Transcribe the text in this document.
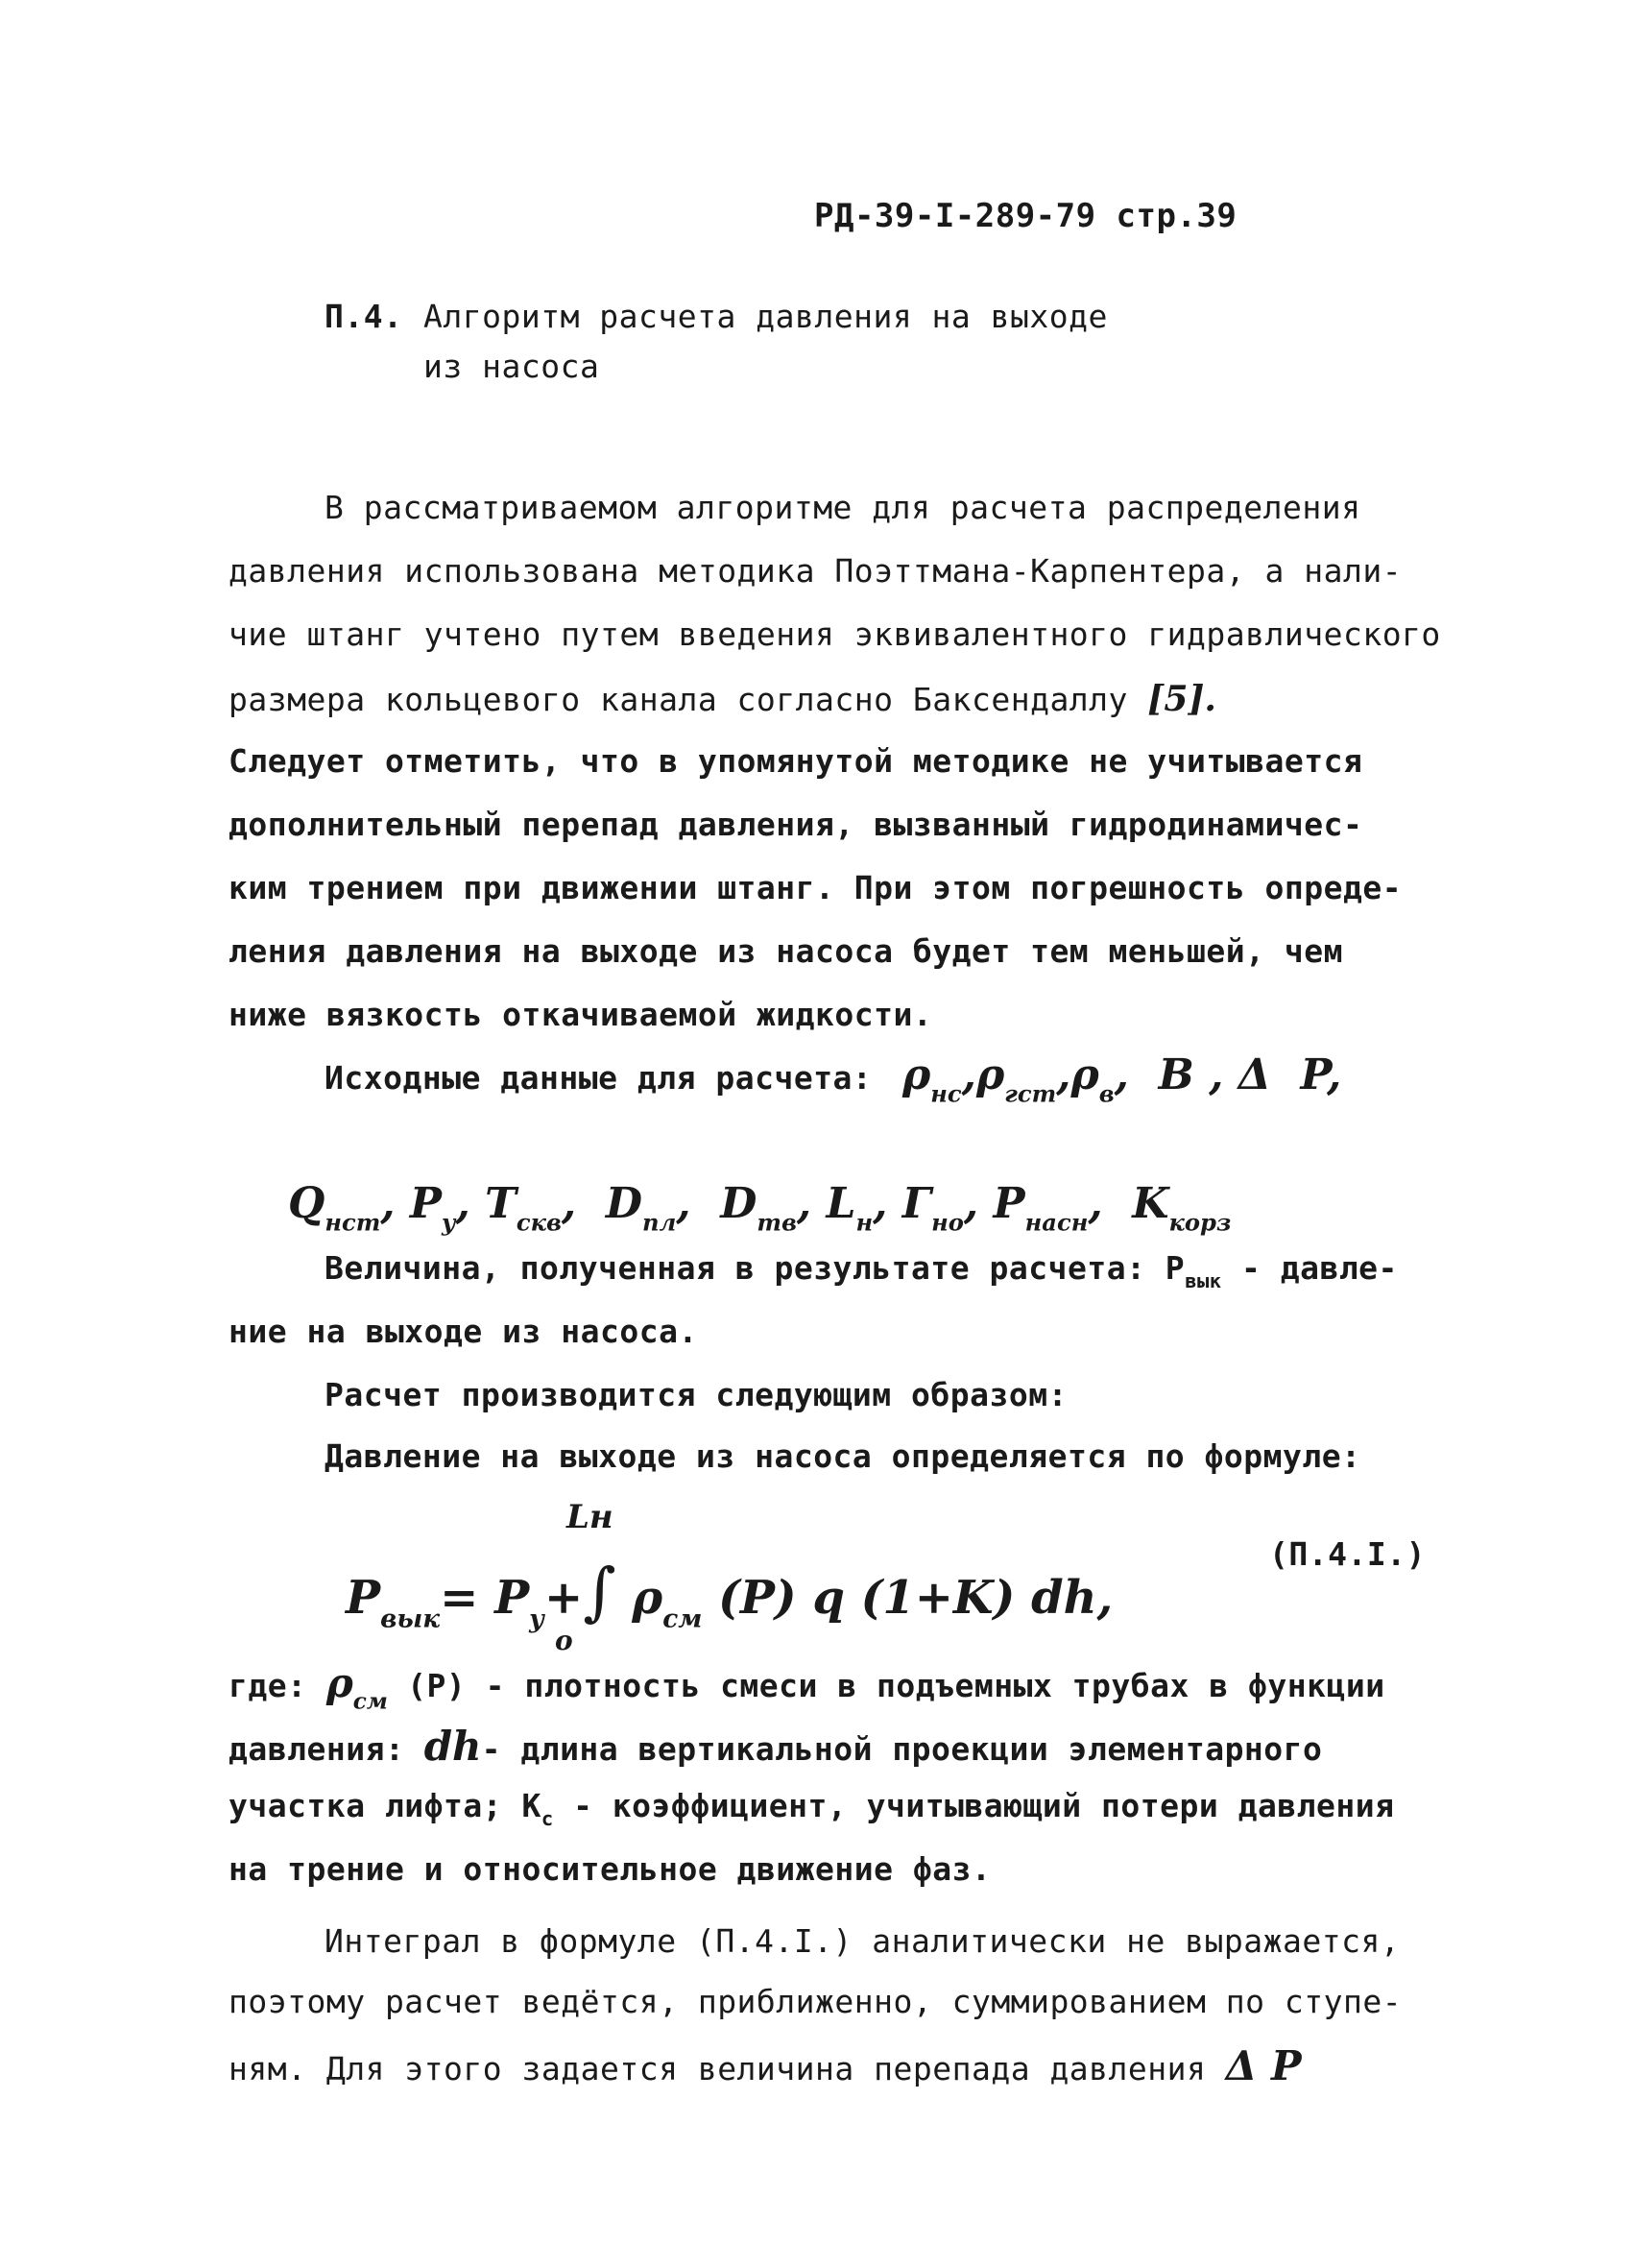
РД-39-I-289-79 стр.39
П.4. Алгоритм расчета давления на выходе
из насоса
В рассматриваемом алгоритме для расчета распределения
давления использована методика Поэттмана-Карпентера, а нали-
чие штанг учтено путем введения эквивалентного гидравлического
размера кольцевого канала согласно Баксендаллу [5].
Следует отметить, что в упомянутой методике не учитывается
дополнительный перепад давления, вызванный гидродинамичес-
ким трением при движении штанг. При этом погрешность опреде-
ления давления на выходе из насоса будет тем меньшей, чем
ниже вязкость откачиваемой жидкости.
Исходные данные для расчета: $\rho_{нс},\rho_{гст},\rho_в$,  B , Δ  P,
$Q_{нст}$, $P_у$, $T_{скв}$,  $D_{пл}$,  $D_{тв}$, $L_н$, $Г_{но}$, $P_{насн}$,  $K_{корз}$
Величина, полученная в результате расчета: $P_{вык}$ - давле-
ние на выходе из насоса.
Расчет производится следующим образом:
Давление на выходе из насоса определяется по формуле:
Lн
$P_{вык}= P_у+\int$ $\rho_{см}$ (P) q (1+K) dh,
o
(П.4.I.)
где: $\rho_{см}$ (P) - плотность смеси в подъемных трубах в функции
давления: dh- длина вертикальной проекции элементарного
участка лифта; $K_c$ - коэффициент, учитывающий потери давления
на трение и относительное движение фаз.
Интеграл в формуле (П.4.I.) аналитически не выражается,
поэтому расчет ведётся, приближенно, суммированием по ступе-
ням. Для этого задается величина перепада давления Δ P
